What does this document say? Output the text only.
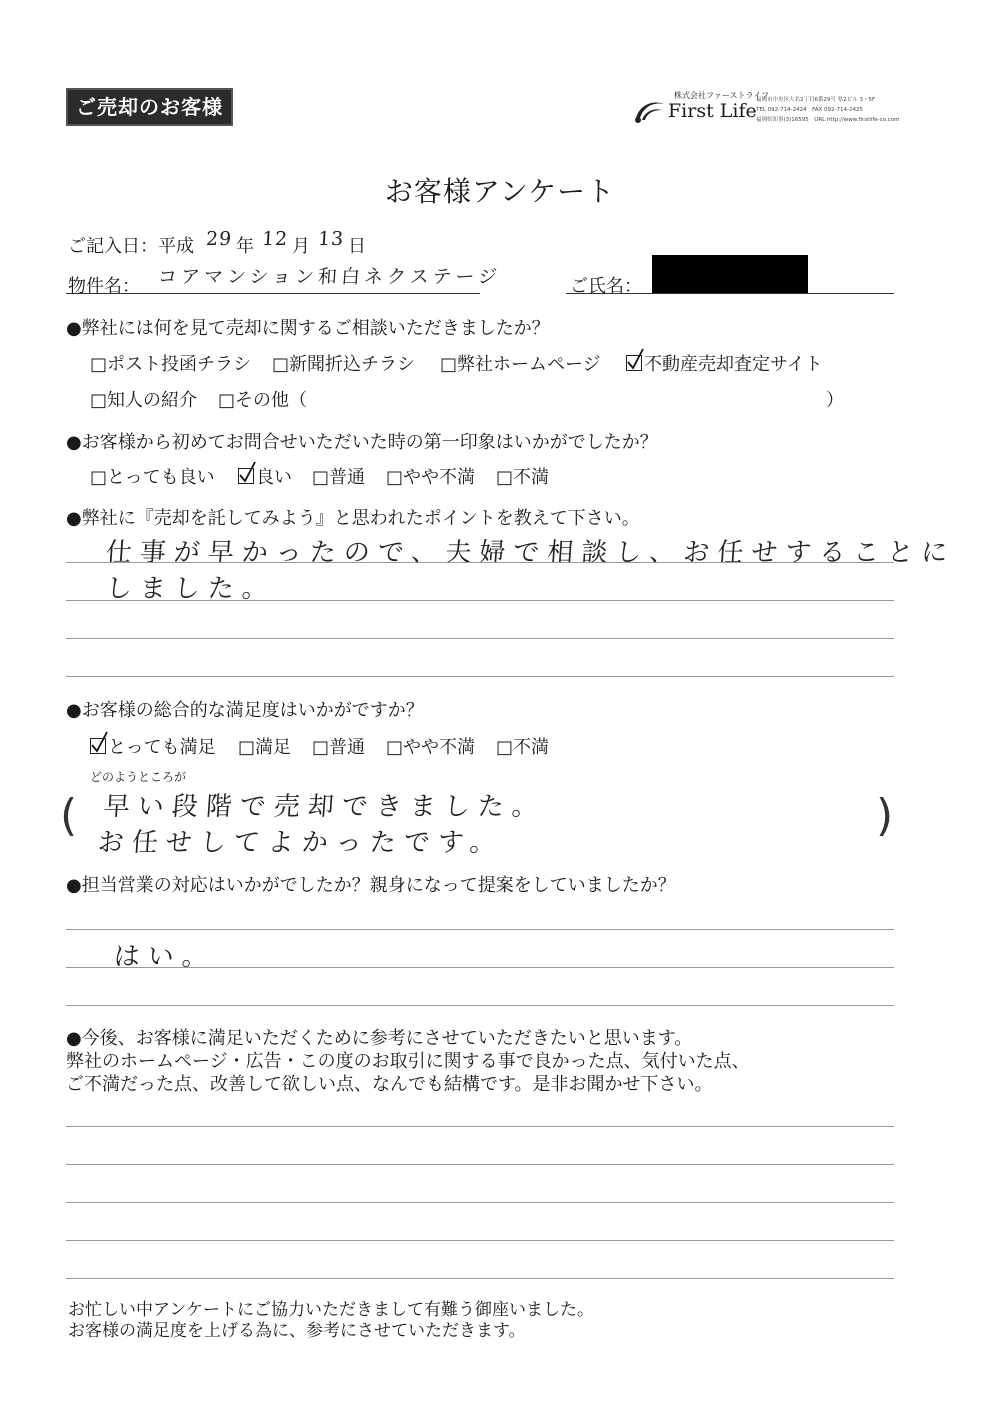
ご売却のお客様	株式会社ファーストライフ
First Life 福岡市中央区大名2丁目6番29号 県2ビル 3・5F
TEL 092-714-2424　FAX 092-714-2425
福岡県知事(3)16595　URL http://www.firstlife-co.com
お客様アンケート
ご記入日：平成 29 年 12 月 13 日
物件名： コアマンション和白ネクステージ	ご氏名：
●弊社には何を見て売却に関するご相談いただきましたか？
□ポスト投函チラシ □新聞折込チラシ □弊社ホームページ	不動産売却査定サイト
□知人の紹介 □その他（	）
●お客様から初めてお問合せいただいた時の第一印象はいかがでしたか？
□とっても良い	良い □普通 □やや不満 □不満
●弊社に『売却を託してみよう』と思われたポイントを教えて下さい。
仕事が早かったので、夫婦で相談し、お任せすることに
しました。
●お客様の総合的な満足度はいかがですか？
とっても満足 □満足 □普通 □やや不満 □不満
どのようところが
(	)
早い段階で売却できました。
お任せしてよかったです。
●担当営業の対応はいかがでしたか？親身になって提案をしていましたか？
はい。
●今後、お客様に満足いただくために参考にさせていただきたいと思います。
弊社のホームページ・広告・この度のお取引に関する事で良かった点、気付いた点、
ご不満だった点、改善して欲しい点、なんでも結構です。是非お聞かせ下さい。
お忙しい中アンケートにご協力いただきまして有難う御座いました。
お客様の満足度を上げる為に、参考にさせていただきます。
